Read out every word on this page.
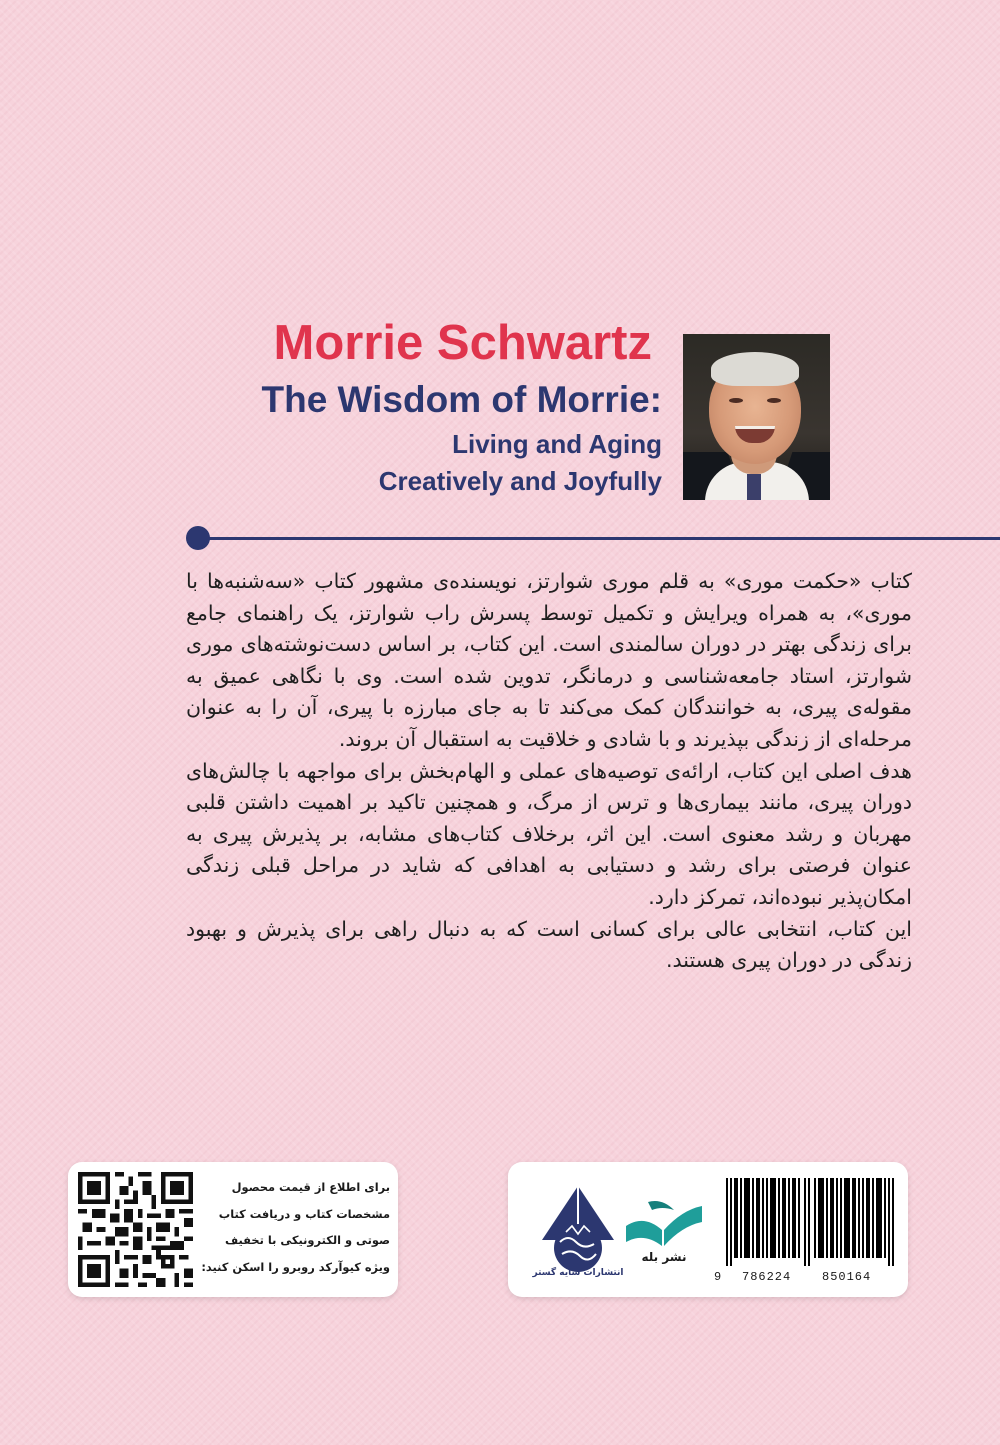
Morrie Schwartz
The Wisdom of Morrie:
Living and Aging
Creatively and Joyfully

کتاب «حکمت موری» به قلم موری شوارتز، نویسنده‌ی مشهور کتاب «سه‌شنبه‌ها با موری»، به همراه ویرایش و تکمیل توسط پسرش راب شوارتز، یک راهنمای جامع برای زندگی بهتر در دوران سالمندی است. این کتاب، بر اساس دست‌نوشته‌های موری شوارتز، استاد جامعه‌شناسی و درمانگر، تدوین شده است. وی با نگاهی عمیق به مقوله‌ی پیری، به خوانندگان کمک می‌کند تا به جای مبارزه با پیری، آن را به عنوان مرحله‌ای از زندگی بپذیرند و با شادی و خلاقیت به استقبال آن بروند.

هدف اصلی این کتاب، ارائه‌ی توصیه‌های عملی و الهام‌بخش برای مواجهه با چالش‌های دوران پیری، مانند بیماری‌ها و ترس از مرگ، و همچنین تاکید بر اهمیت داشتن قلبی مهربان و رشد معنوی است. این اثر، برخلاف کتاب‌های مشابه، بر پذیرش پیری به عنوان فرصتی برای رشد و دستیابی به اهدافی که شاید در مراحل قبلی زندگی امکان‌پذیر نبوده‌اند، تمرکز دارد.

این کتاب، انتخابی عالی برای کسانی است که به دنبال راهی برای پذیرش و بهبود زندگی در دوران پیری هستند.

برای اطلاع از قیمت محصول
مشخصات کتاب و دریافت کتاب
صوتی و الکترونیکی با تخفیف
ویژه کیوآرکد روبرو را اسکن کنید:	انتشارات سایه گستر
نشر بله
9 786224	850164
